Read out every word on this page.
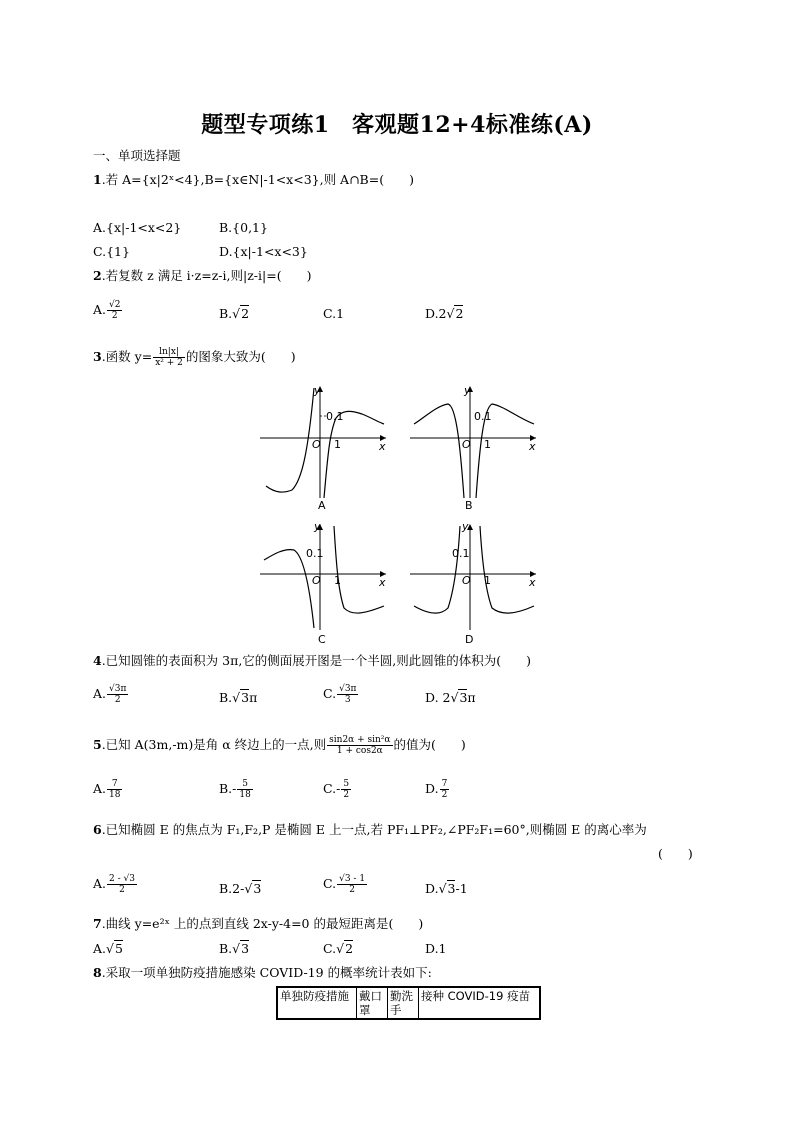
题型专项练1　客观题12+4标准练(A)
一、单项选择题
1.若 A={x|2ˣ<4},B={x∈N|-1<x<3},则 A∩B=(　　)
A.{x|-1<x<2}	B.{0,1}
C.{1}	D.{x|-1<x<3}
2.若复数 z 满足 i·z=z-i,则|z-i|=(　　)
A. $\frac{√2}{2}$	B.√2	C.1	D.2√2
3.函数 $y= \frac{\ln|x|}{\text{x² + 2}}$ 的图象大致为(　　)
y
0.1
O 1	x
A
y
0.1
O 1	x
B
y
0.1
O 1	x
C
y
0.1
O 1	x
D
4.已知圆锥的表面积为 3π,它的侧面展开图是一个半圆,则此圆锥的体积为(　　)
A. $\frac{√3\pi}{2}$	B.√3π	C. $\frac{√3\pi}{3}$	D. 2√3π
5.已知 A(3m,-m)是角 α 终边上的一点,则 $\frac{\text{sin2α + sin²α}}{1 + \cos 2\alpha}$ 的值为(　　)
A. $\frac{7}{18}$	$B.- \frac{5}{18}$	$C.- \frac{5}{2}$	D. $\frac{7}{2}$
6.已知椭圆 E 的焦点为 F₁,F₂,P 是椭圆 E 上一点,若 PF₁⊥PF₂,∠PF₂F₁=60°,则椭圆 E 的离心率为
(　　)
A. $\frac{2 - √3}{2}$	B.2-√3	C. $\frac{√3 - 1}{2}$	D.√3-1
7.曲线 y=e²ˣ 上的点到直线 2x-y-4=0 的最短距离是(　　)
A.√5	B.√3	C.√2	D.1
8.采取一项单独防疫措施感染 COVID-19 的概率统计表如下:
单独防疫措施	戴口罩	勤洗手	接种 COVID-19 疫苗
